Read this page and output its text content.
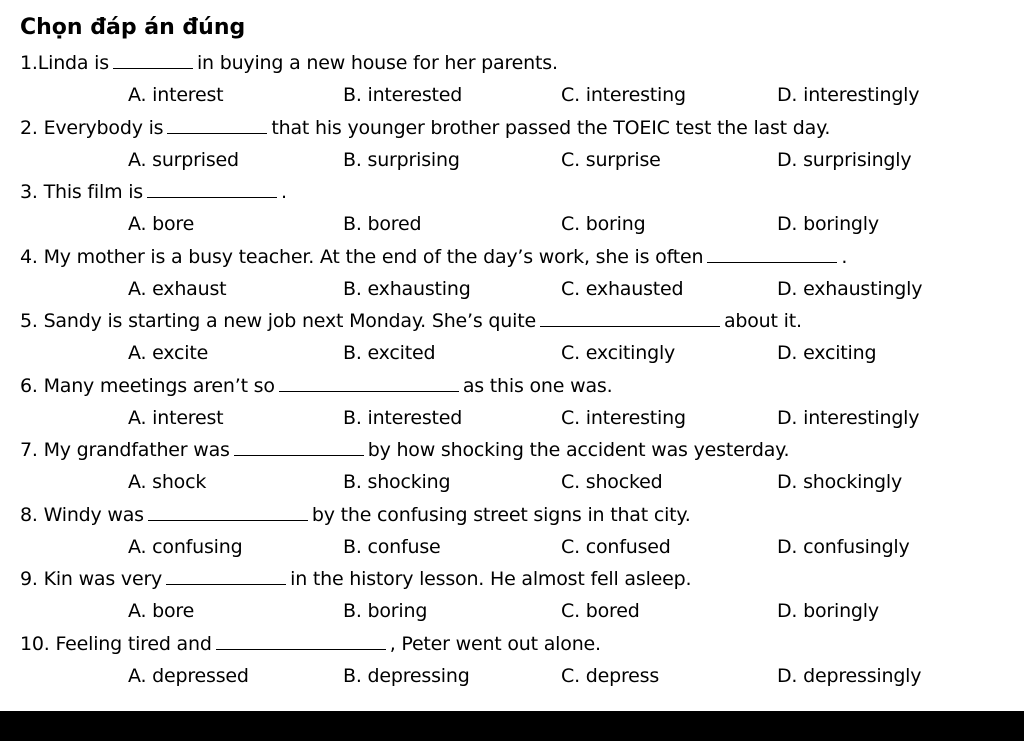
Chọn đáp án đúng
1.Linda is	in buying a new house for her parents.
A. interest	B. interested	C. interesting	D. interestingly
2. Everybody is	that his younger brother passed the TOEIC test the last day.
A. surprised	B. surprising	C. surprise	D. surprisingly
3. This film is	.
A. bore	B. bored	C. boring	D. boringly
4. My mother is a busy teacher. At the end of the day’s work, she is often	.
A. exhaust	B. exhausting	C. exhausted	D. exhaustingly
5. Sandy is starting a new job next Monday. She’s quite	about it.
A. excite	B. excited	C. excitingly	D. exciting
6. Many meetings aren’t so	as this one was.
A. interest	B. interested	C. interesting	D. interestingly
7. My grandfather was	by how shocking the accident was yesterday.
A. shock	B. shocking	C. shocked	D. shockingly
8. Windy was	by the confusing street signs in that city.
A. confusing	B. confuse	C. confused	D. confusingly
9. Kin was very	in the history lesson. He almost fell asleep.
A. bore	B. boring	C. bored	D. boringly
10. Feeling tired and	, Peter went out alone.
A. depressed	B. depressing	C. depress	D. depressingly
